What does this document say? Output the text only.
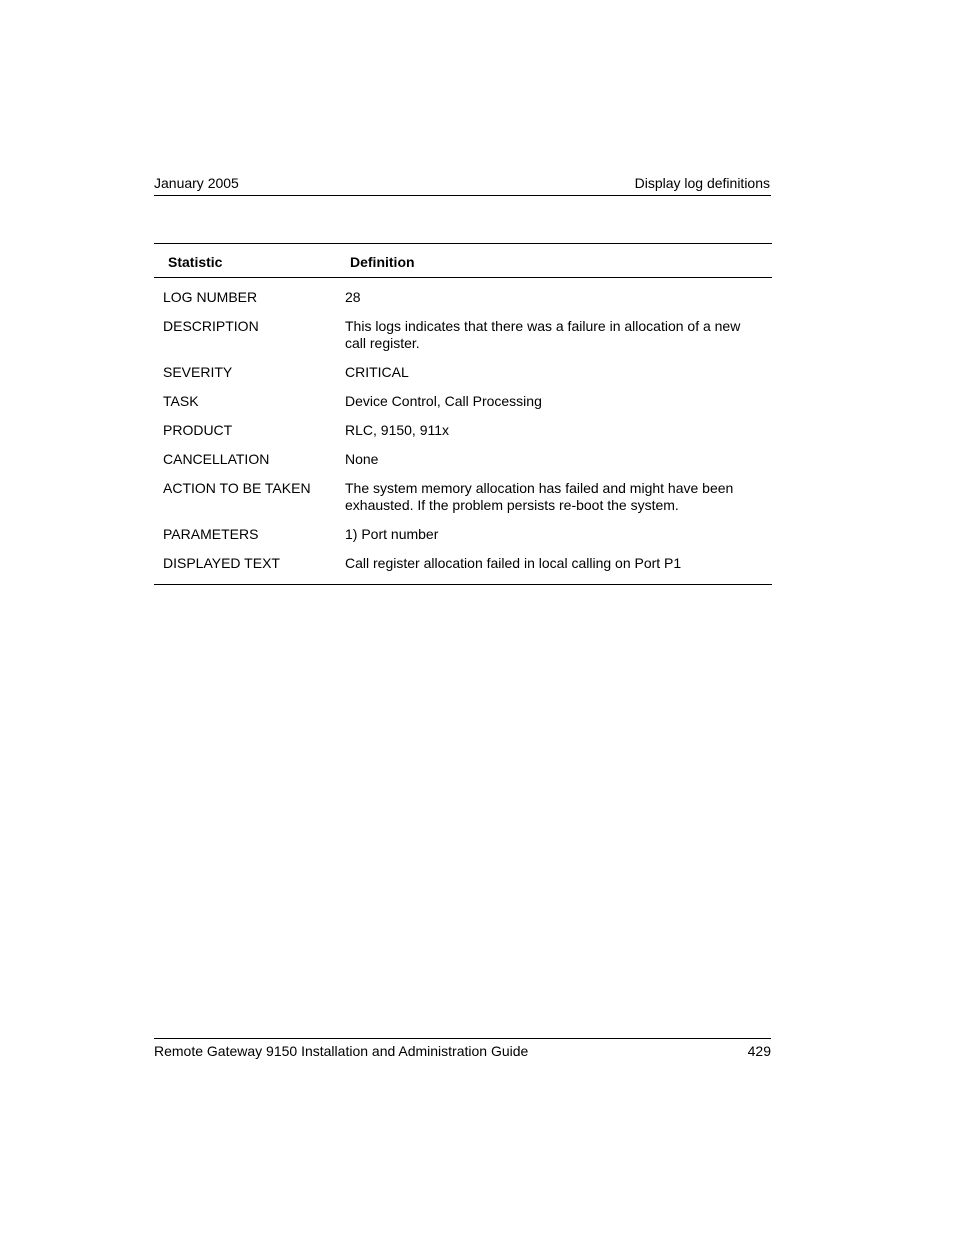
January 2005	Display log definitions
Statistic	Definition
LOG NUMBER	28
DESCRIPTION	This logs indicates that there was a failure in allocation of a new call register.
SEVERITY	CRITICAL
TASK	Device Control, Call Processing
PRODUCT	RLC, 9150, 911x
CANCELLATION	None
ACTION TO BE TAKEN	The system memory allocation has failed and might have been exhausted. If the problem persists re-boot the system.
PARAMETERS	1) Port number
DISPLAYED TEXT	Call register allocation failed in local calling on Port P1
Remote Gateway 9150 Installation and Administration Guide	429
